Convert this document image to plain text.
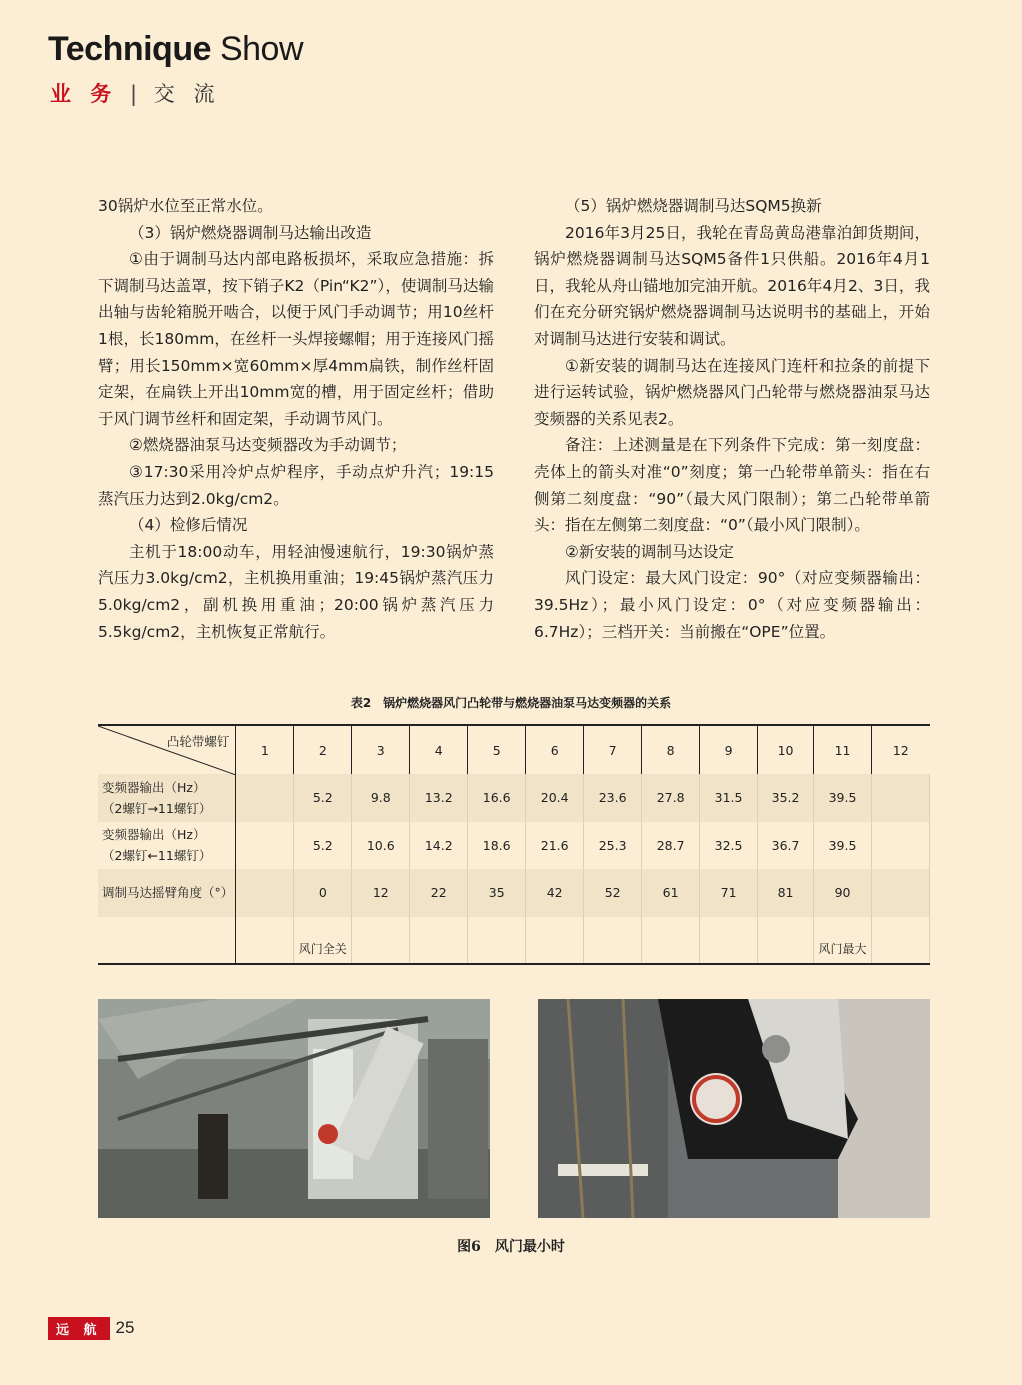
Technique Show
业 务 | 交 流

30锅炉水位至正常水位。

（3）锅炉燃烧器调制马达输出改造

①由于调制马达内部电路板损坏，采取应急措施：拆下调制马达盖罩，按下销子K2（Pin“K2”），使调制马达输出轴与齿轮箱脱开啮合，以便于风门手动调节；用10丝杆1根，长180mm，在丝杆一头焊接螺帽；用于连接风门摇臂；用长150mm×宽60mm×厚4mm扁铁，制作丝杆固定架，在扁铁上开出10mm宽的槽，用于固定丝杆；借助于风门调节丝杆和固定架，手动调节风门。

②燃烧器油泵马达变频器改为手动调节；

③17:30采用冷炉点炉程序，手动点炉升汽；19:15蒸汽压力达到2.0kg/cm2。

（4）检修后情况

主机于18:00动车，用轻油慢速航行，19:30锅炉蒸汽压力3.0kg/cm2，主机换用重油；19:45锅炉蒸汽压力5.0kg/cm2，副机换用重油；20:00锅炉蒸汽压力5.5kg/cm2，主机恢复正常航行。

（5）锅炉燃烧器调制马达SQM5换新

2016年3月25日，我轮在青岛黄岛港靠泊卸货期间，锅炉燃烧器调制马达SQM5备件1只供船。2016年4月1日，我轮从舟山锚地加完油开航。2016年4月2、3日，我们在充分研究锅炉燃烧器调制马达说明书的基础上，开始对调制马达进行安装和调试。

①新安装的调制马达在连接风门连杆和拉条的前提下进行运转试验，锅炉燃烧器风门凸轮带与燃烧器油泵马达变频器的关系见表2。

备注：上述测量是在下列条件下完成：第一刻度盘：壳体上的箭头对准“0”刻度；第一凸轮带单箭头：指在右侧第二刻度盘：“90”（最大风门限制）；第二凸轮带单箭头：指在左侧第二刻度盘：“0”（最小风门限制）。

②新安装的调制马达设定

风门设定：最大风门设定：90°（对应变频器输出：39.5Hz）；最小风门设定：0°（对应变频器输出：6.7Hz）；三档开关：当前搬在“OPE”位置。

表2　锅炉燃烧器风门凸轮带与燃烧器油泵马达变频器的关系
凸轮带螺钉	1	2	3	4	5	6	7	8	9	10	11	12

变频器输出（Hz）
（2螺钉→11螺钉）		5.2	9.8	13.2	16.6	20.4	23.6	27.8	31.5	35.2	39.5	

变频器输出（Hz）
（2螺钉←11螺钉）		5.2	10.6	14.2	18.6	21.6	25.3	28.7	32.5	36.7	39.5	
调制马达摇臂角度（°）		0	12	22	35	42	52	61	71	81	90	
		风门全关									风门最大	
图6　风门最小时
远 航 25
